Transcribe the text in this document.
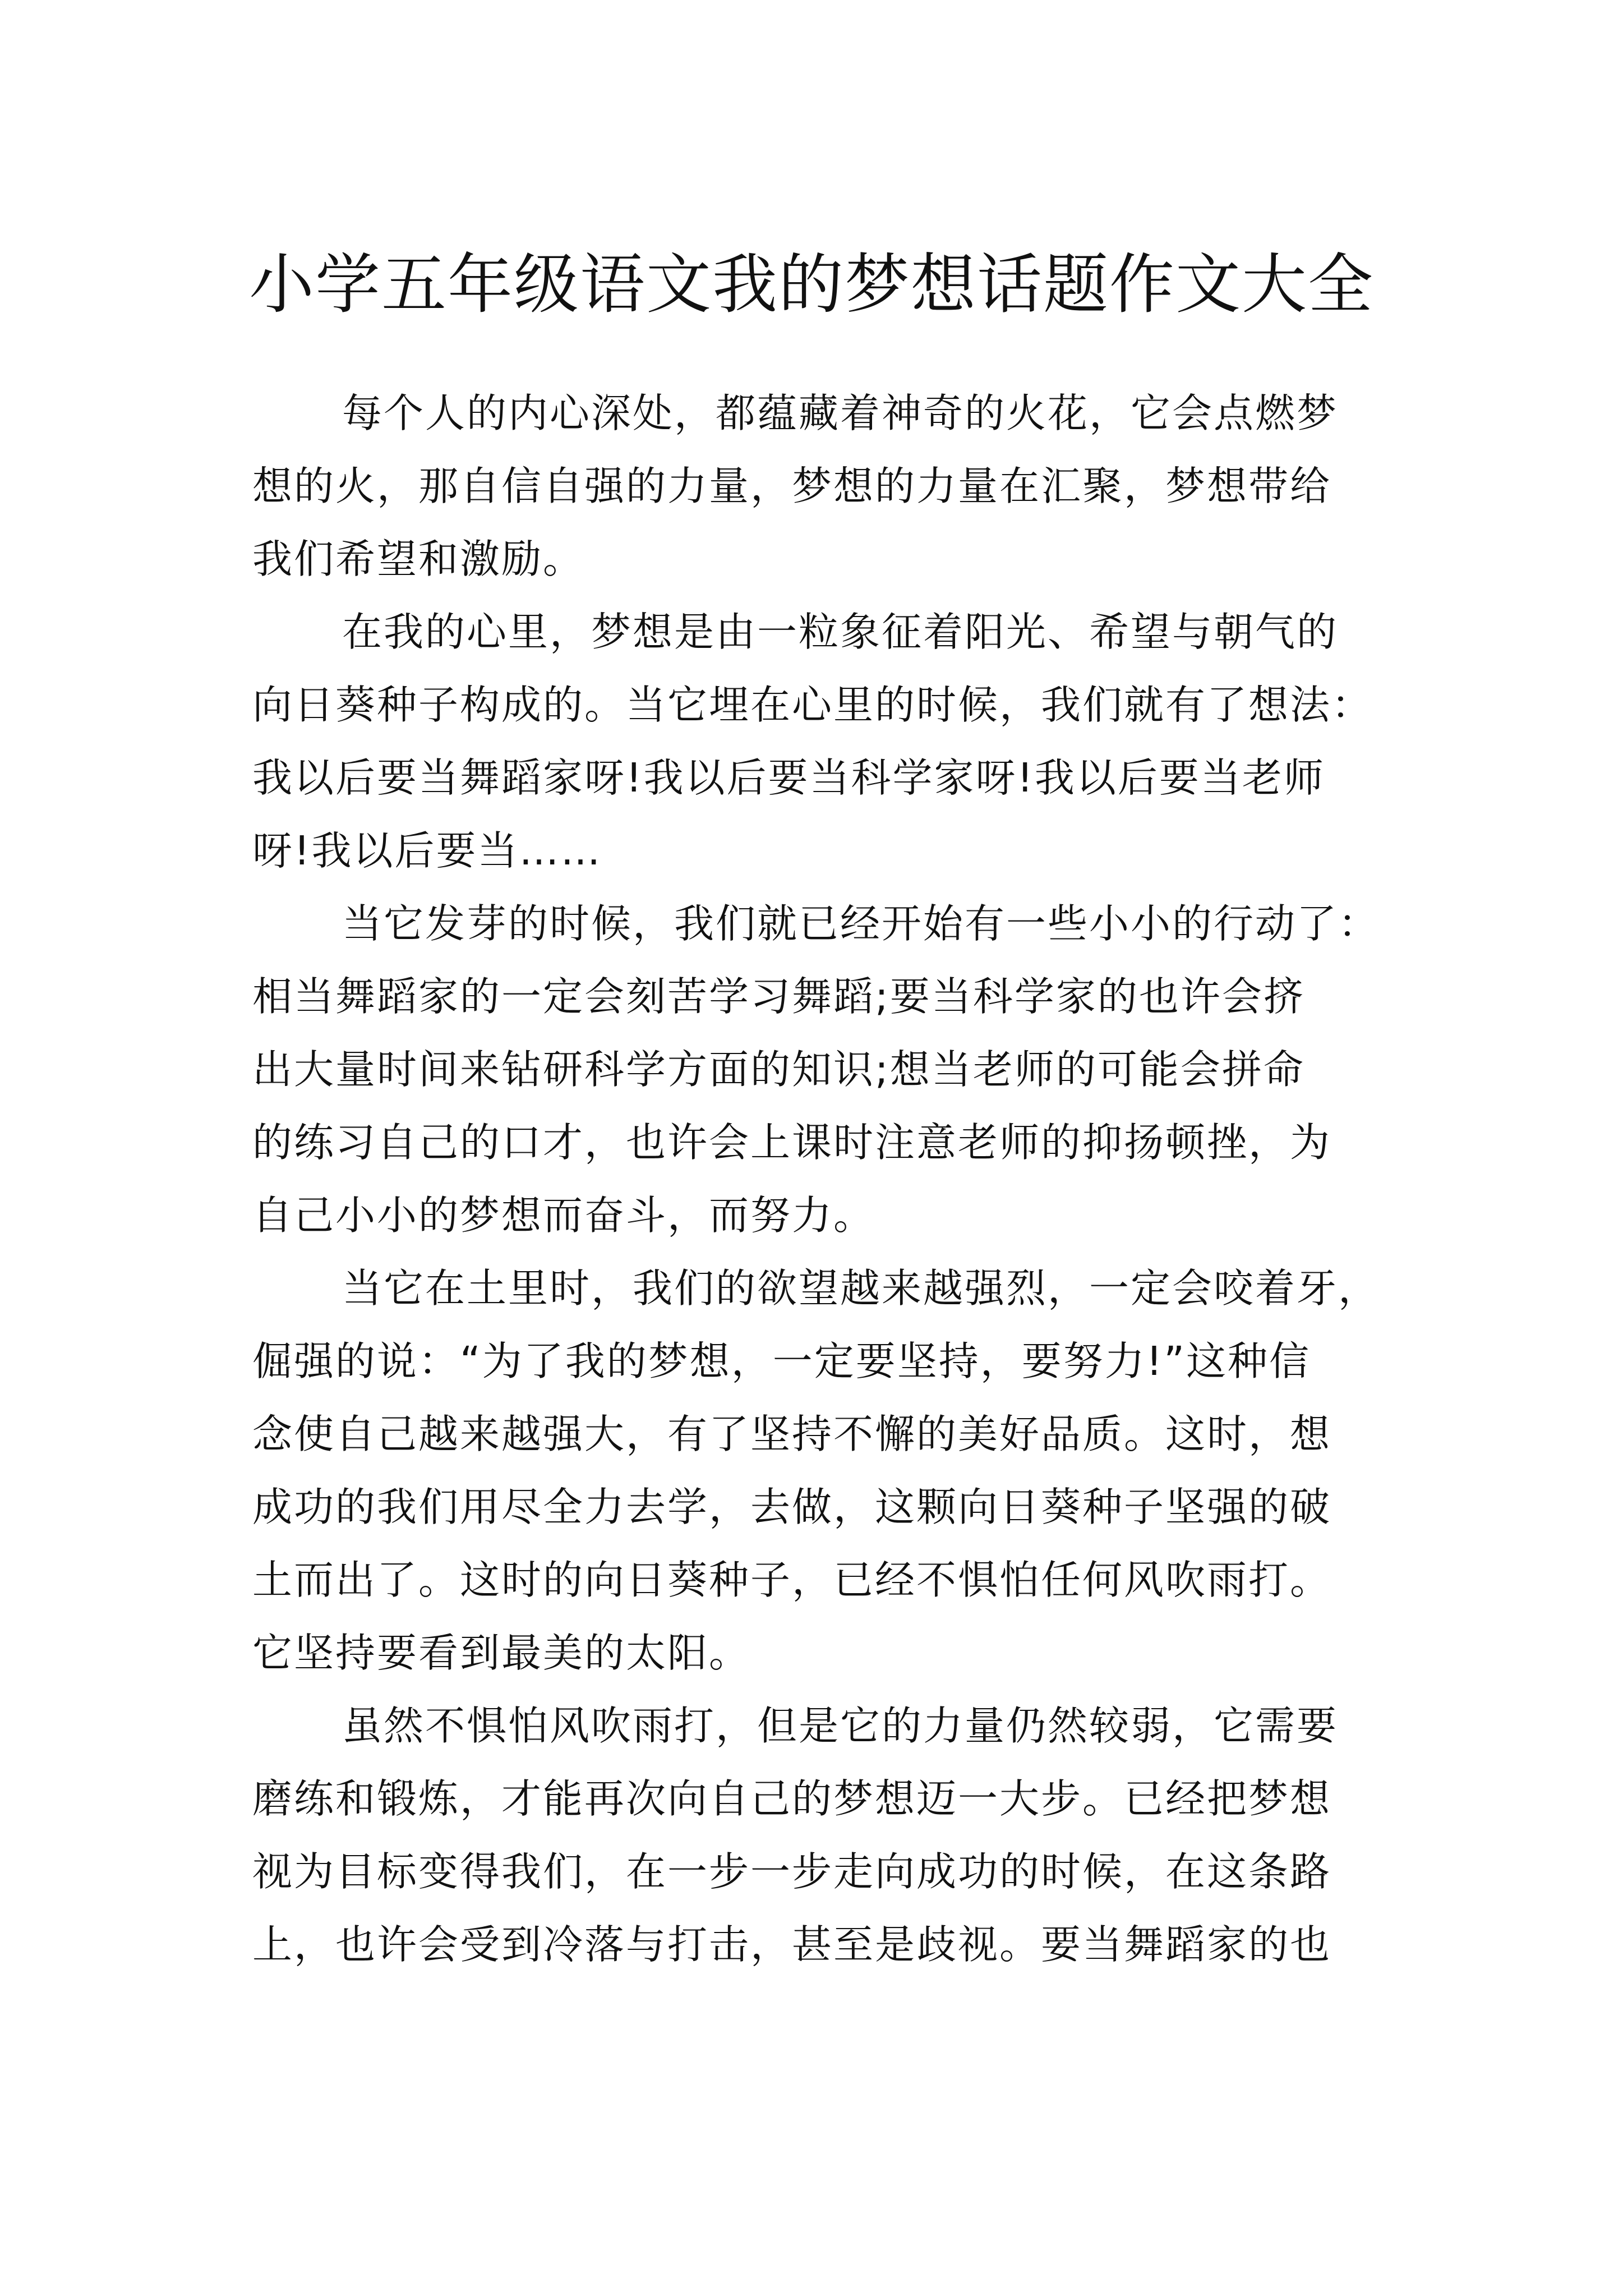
小学五年级语文我的梦想话题作文大全
每个人的内心深处，都蕴藏着神奇的火花，它会点燃梦
想的火，那自信自强的力量，梦想的力量在汇聚，梦想带给
我们希望和激励。
在我的心里，梦想是由一粒象征着阳光、希望与朝气的
向日葵种子构成的。当它埋在心里的时候，我们就有了想法：
我以后要当舞蹈家呀!我以后要当科学家呀!我以后要当老师
呀!我以后要当……
当它发芽的时候，我们就已经开始有一些小小的行动了：
相当舞蹈家的一定会刻苦学习舞蹈;要当科学家的也许会挤
出大量时间来钻研科学方面的知识;想当老师的可能会拼命
的练习自己的口才，也许会上课时注意老师的抑扬顿挫，为
自己小小的梦想而奋斗，而努力。
当它在土里时，我们的欲望越来越强烈，一定会咬着牙，
倔强的说：“为了我的梦想，一定要坚持，要努力!”这种信
念使自己越来越强大，有了坚持不懈的美好品质。这时，想
成功的我们用尽全力去学，去做，这颗向日葵种子坚强的破
土而出了。这时的向日葵种子，已经不惧怕任何风吹雨打。
它坚持要看到最美的太阳。
虽然不惧怕风吹雨打，但是它的力量仍然较弱，它需要
磨练和锻炼，才能再次向自己的梦想迈一大步。已经把梦想
视为目标变得我们，在一步一步走向成功的时候，在这条路
上，也许会受到冷落与打击，甚至是歧视。要当舞蹈家的也
